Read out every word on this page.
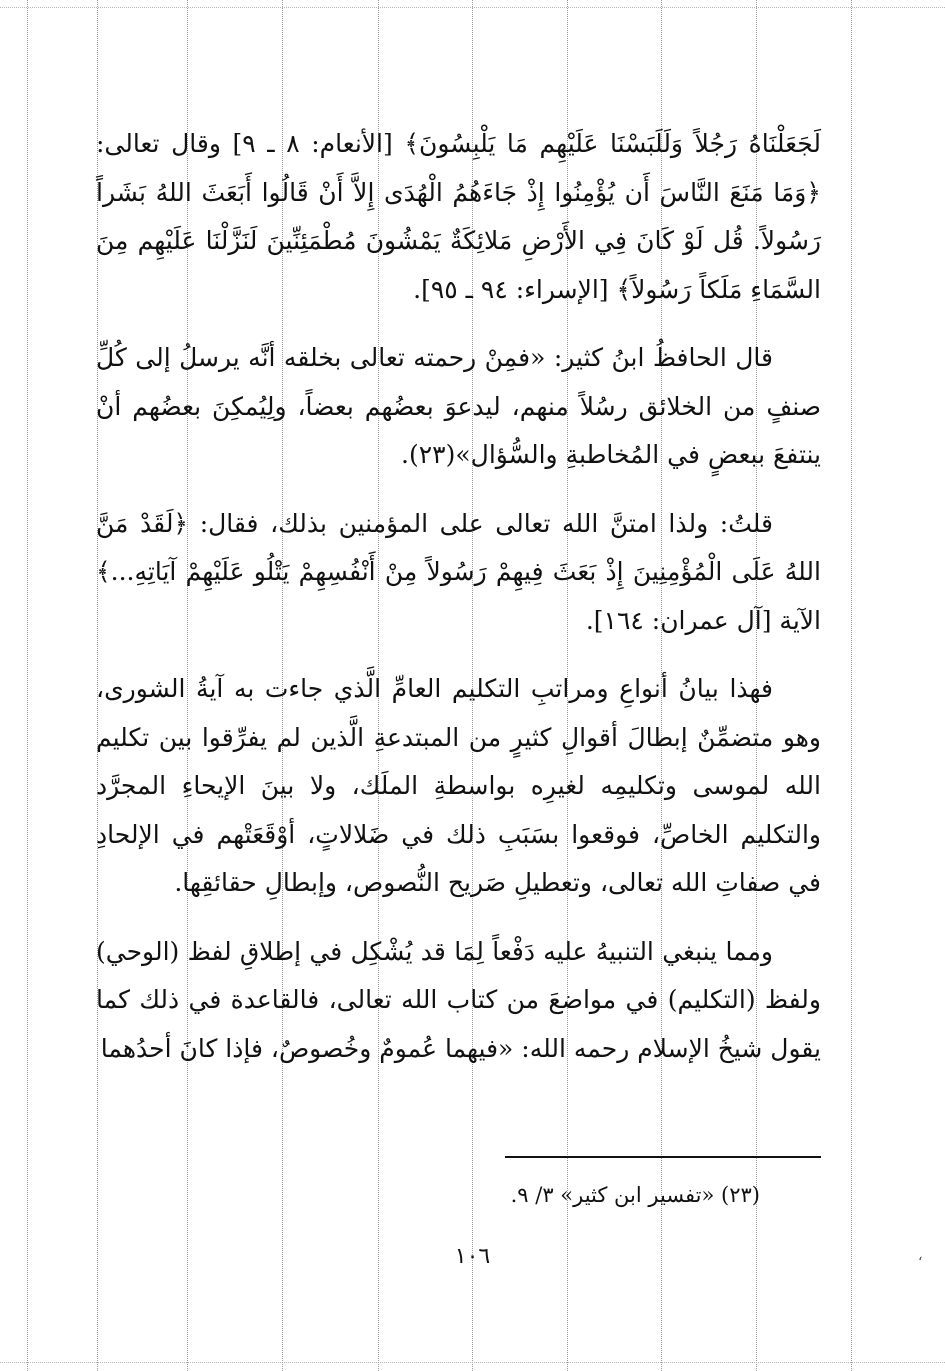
لَجَعَلْنَاهُ رَجُلاً وَلَلَبَسْنَا عَلَيْهِم مَا يَلْبِسُونَ﴾ [الأنعام: ٨ ـ ٩] وقال تعالى: ﴿وَمَا مَنَعَ النَّاسَ أَن يُؤْمِنُوا إِذْ جَاءَهُمُ الْهُدَى إِلاَّ أَنْ قَالُوا أَبَعَثَ اللهُ بَشَراً رَسُولاً. قُل لَوْ كَانَ فِي الأَرْضِ مَلائِكَةٌ يَمْشُونَ مُطْمَئِنِّينَ لَنَزَّلْنَا عَلَيْهِم مِنَ السَّمَاءِ مَلَكاً رَسُولاً﴾ [الإسراء: ٩٤ ـ ٩٥].

قال الحافظُ ابنُ كثير: «فمِنْ رحمته تعالى بخلقه أنَّه يرسلُ إلى كُلِّ صنفٍ من الخلائق رسُلاً منهم، ليدعوَ بعضُهم بعضاً، ولِيُمكِنَ بعضُهم أنْ ينتفعَ ببعضٍ في المُخاطبةِ والسُّؤال»(٢٣).

قلتُ: ولذا امتنَّ الله تعالى على المؤمنين بذلك، فقال: ﴿لَقَدْ مَنَّ اللهُ عَلَى الْمُؤْمِنِينَ إِذْ بَعَثَ فِيهِمْ رَسُولاً مِنْ أَنْفُسِهِمْ يَتْلُو عَلَيْهِمْ آيَاتِهِ...﴾ الآية [آل عمران: ١٦٤].

فهذا بيانُ أنواعِ ومراتبِ التكليم العامِّ الَّذي جاءت به آيةُ الشورى، وهو متضمِّنٌ إبطالَ أقوالِ كثيرٍ من المبتدعةِ الَّذين لم يفرِّقوا بين تكليم الله لموسى وتكليمِه لغيرِه بواسطةِ الملَك، ولا بينَ الإيحاءِ المجرَّد والتكليم الخاصِّ، فوقعوا بسَبَبِ ذلك في ضَلالاتٍ، أوْقَعَتْهم في الإلحادِ في صفاتِ الله تعالى، وتعطيلِ صَريح النُّصوص، وإبطالِ حقائقِها.

ومما ينبغي التنبيهُ عليه دَفْعاً لِمَا قد يُشْكِل في إطلاقِ لفظ (الوحي) ولفظ (التكليم) في مواضعَ من كتاب الله تعالى، فالقاعدة في ذلك كما يقول شيخُ الإسلام رحمه الله: «فيهما عُمومٌ وخُصوصٌ، فإذا كانَ أحدُهما

(٢٣) «تفسير ابن كثير» ٣/ ٩.
١٠٦	‘
